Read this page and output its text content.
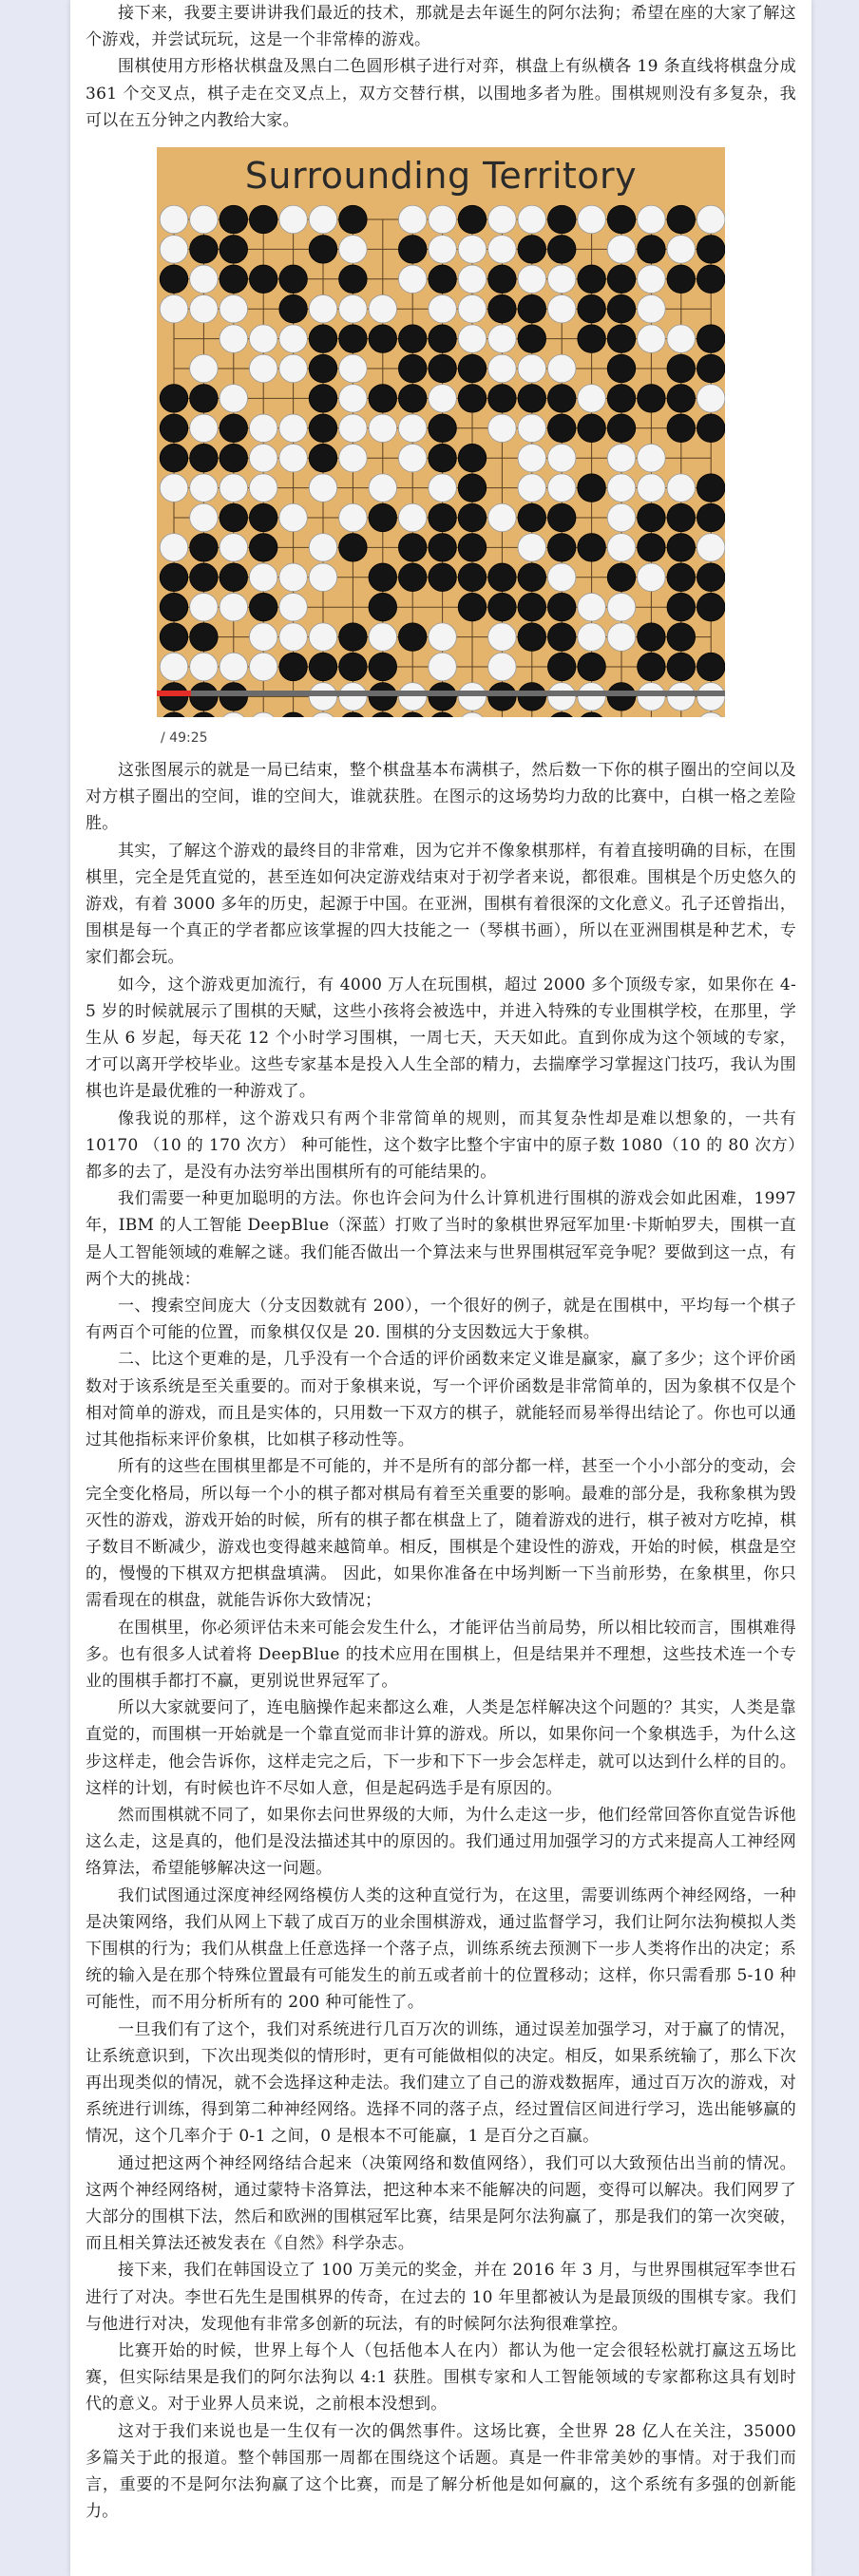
接下来，我要主要讲讲我们最近的技术，那就是去年诞生的阿尔法狗；希望在座的大家了解这个游戏，并尝试玩玩，这是一个非常棒的游戏。

围棋使用方形格状棋盘及黑白二色圆形棋子进行对弈，棋盘上有纵横各 19 条直线将棋盘分成 361 个交叉点，棋子走在交叉点上，双方交替行棋，以围地多者为胜。围棋规则没有多复杂，我可以在五分钟之内教给大家。

Surrounding Territory
/ 49:25

这张图展示的就是一局已结束，整个棋盘基本布满棋子，然后数一下你的棋子圈出的空间以及对方棋子圈出的空间，谁的空间大，谁就获胜。在图示的这场势均力敌的比赛中，白棋一格之差险胜。

其实，了解这个游戏的最终目的非常难，因为它并不像象棋那样，有着直接明确的目标，在围棋里，完全是凭直觉的，甚至连如何决定游戏结束对于初学者来说，都很难。围棋是个历史悠久的游戏，有着 3000 多年的历史，起源于中国。在亚洲，围棋有着很深的文化意义。孔子还曾指出，围棋是每一个真正的学者都应该掌握的四大技能之一（琴棋书画），所以在亚洲围棋是种艺术，专家们都会玩。

如今，这个游戏更加流行，有 4000 万人在玩围棋，超过 2000 多个顶级专家，如果你在 4-5 岁的时候就展示了围棋的天赋，这些小孩将会被选中，并进入特殊的专业围棋学校，在那里，学生从 6 岁起，每天花 12 个小时学习围棋，一周七天，天天如此。直到你成为这个领域的专家，才可以离开学校毕业。这些专家基本是投入人生全部的精力，去揣摩学习掌握这门技巧，我认为围棋也许是最优雅的一种游戏了。

像我说的那样，这个游戏只有两个非常简单的规则，而其复杂性却是难以想象的，一共有 10170 （10 的 170 次方） 种可能性，这个数字比整个宇宙中的原子数 1080（10 的 80 次方）都多的去了，是没有办法穷举出围棋所有的可能结果的。

我们需要一种更加聪明的方法。你也许会问为什么计算机进行围棋的游戏会如此困难，1997 年，IBM 的人工智能 DeepBlue（深蓝）打败了当时的象棋世界冠军加里·卡斯帕罗夫，围棋一直是人工智能领域的难解之谜。我们能否做出一个算法来与世界围棋冠军竞争呢？要做到这一点，有两个大的挑战：

一、搜索空间庞大（分支因数就有 200），一个很好的例子，就是在围棋中，平均每一个棋子有两百个可能的位置，而象棋仅仅是 20. 围棋的分支因数远大于象棋。

二、比这个更难的是，几乎没有一个合适的评价函数来定义谁是赢家，赢了多少；这个评价函数对于该系统是至关重要的。而对于象棋来说，写一个评价函数是非常简单的，因为象棋不仅是个相对简单的游戏，而且是实体的，只用数一下双方的棋子，就能轻而易举得出结论了。你也可以通过其他指标来评价象棋，比如棋子移动性等。

所有的这些在围棋里都是不可能的，并不是所有的部分都一样，甚至一个小小部分的变动，会完全变化格局，所以每一个小的棋子都对棋局有着至关重要的影响。最难的部分是，我称象棋为毁灭性的游戏，游戏开始的时候，所有的棋子都在棋盘上了，随着游戏的进行，棋子被对方吃掉，棋子数目不断减少，游戏也变得越来越简单。相反，围棋是个建设性的游戏，开始的时候，棋盘是空的，慢慢的下棋双方把棋盘填满。 因此，如果你准备在中场判断一下当前形势，在象棋里，你只需看现在的棋盘，就能告诉你大致情况；

在围棋里，你必须评估未来可能会发生什么，才能评估当前局势，所以相比较而言，围棋难得多。也有很多人试着将 DeepBlue 的技术应用在围棋上，但是结果并不理想，这些技术连一个专业的围棋手都打不赢，更别说世界冠军了。

所以大家就要问了，连电脑操作起来都这么难，人类是怎样解决这个问题的？其实，人类是靠直觉的，而围棋一开始就是一个靠直觉而非计算的游戏。所以，如果你问一个象棋选手，为什么这步这样走，他会告诉你，这样走完之后，下一步和下下一步会怎样走，就可以达到什么样的目的。这样的计划，有时候也许不尽如人意，但是起码选手是有原因的。

然而围棋就不同了，如果你去问世界级的大师，为什么走这一步，他们经常回答你直觉告诉他这么走，这是真的，他们是没法描述其中的原因的。我们通过用加强学习的方式来提高人工神经网络算法，希望能够解决这一问题。

我们试图通过深度神经网络模仿人类的这种直觉行为，在这里，需要训练两个神经网络，一种是决策网络，我们从网上下载了成百万的业余围棋游戏，通过监督学习，我们让阿尔法狗模拟人类下围棋的行为；我们从棋盘上任意选择一个落子点，训练系统去预测下一步人类将作出的决定；系统的输入是在那个特殊位置最有可能发生的前五或者前十的位置移动；这样，你只需看那 5-10 种可能性，而不用分析所有的 200 种可能性了。

一旦我们有了这个，我们对系统进行几百万次的训练，通过误差加强学习，对于赢了的情况，让系统意识到，下次出现类似的情形时，更有可能做相似的决定。相反，如果系统输了，那么下次再出现类似的情况，就不会选择这种走法。我们建立了自己的游戏数据库，通过百万次的游戏，对系统进行训练，得到第二种神经网络。选择不同的落子点，经过置信区间进行学习，选出能够赢的情况，这个几率介于 0-1 之间，0 是根本不可能赢，1 是百分之百赢。

通过把这两个神经网络结合起来（决策网络和数值网络），我们可以大致预估出当前的情况。这两个神经网络树，通过蒙特卡洛算法，把这种本来不能解决的问题，变得可以解决。我们网罗了大部分的围棋下法，然后和欧洲的围棋冠军比赛，结果是阿尔法狗赢了，那是我们的第一次突破，而且相关算法还被发表在《自然》科学杂志。

接下来，我们在韩国设立了 100 万美元的奖金，并在 2016 年 3 月，与世界围棋冠军李世石进行了对决。李世石先生是围棋界的传奇，在过去的 10 年里都被认为是最顶级的围棋专家。我们与他进行对决，发现他有非常多创新的玩法，有的时候阿尔法狗很难掌控。

比赛开始的时候，世界上每个人（包括他本人在内）都认为他一定会很轻松就打赢这五场比赛，但实际结果是我们的阿尔法狗以 4:1 获胜。围棋专家和人工智能领域的专家都称这具有划时代的意义。对于业界人员来说，之前根本没想到。

这对于我们来说也是一生仅有一次的偶然事件。这场比赛，全世界 28 亿人在关注，35000 多篇关于此的报道。整个韩国那一周都在围绕这个话题。真是一件非常美妙的事情。对于我们而言，重要的不是阿尔法狗赢了这个比赛，而是了解分析他是如何赢的，这个系统有多强的创新能力。
